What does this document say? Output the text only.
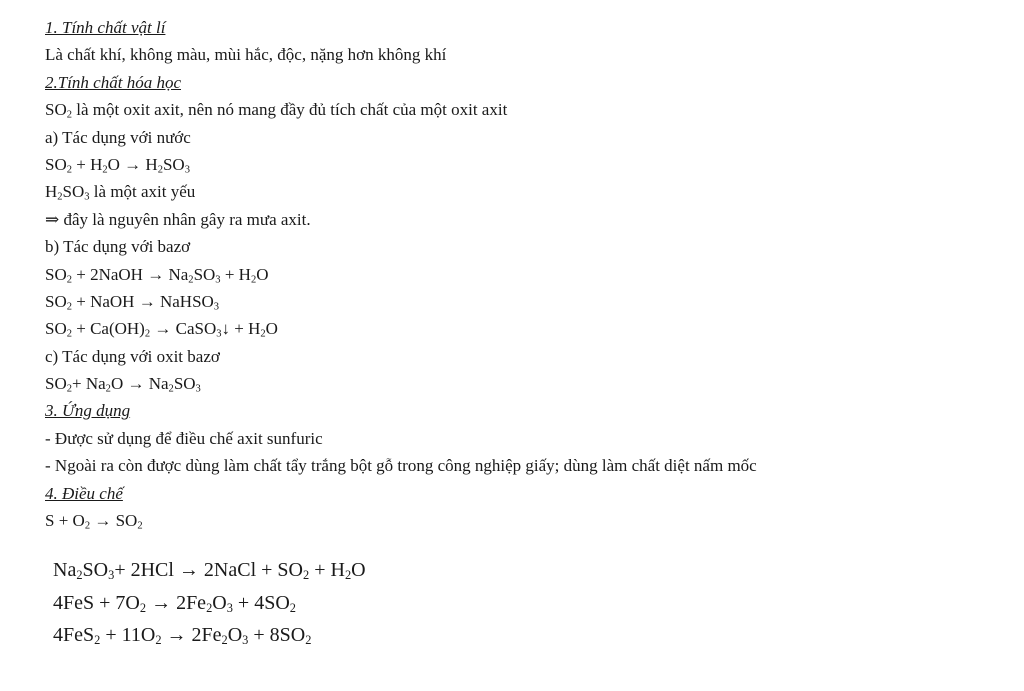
1. Tính chất vật lí
Là chất khí, không màu, mùi hắc, độc, nặng hơn không khí
2.Tính chất hóa học
$SO_2$ là một oxit axit, nên nó mang đầy đủ tích chất của một oxit axit
a) Tác dụng với nước
$SO_2 + H_2O \to H_2SO_3$
$H_2SO_3$ là một axit yếu
⇒ đây là nguyên nhân gây ra mưa axit.
b) Tác dụng với bazơ
$SO_2$ + 2NaOH → $Na_2SO_3 + H_2O$
$SO_2$ + NaOH → NaHSO$_3$
$SO_2 + Ca(OH)_2$ → CaSO$_3$↓ + $H_2O$
c) Tác dụng với oxit bazơ
$SO_2+ Na_2O \to Na_2SO_3$
3. Ứng dụng
- Được sử dụng để điều chế axit sunfuric
- Ngoài ra còn được dùng làm chất tẩy trắng bột gỗ trong công nghiệp giấy; dùng làm chất diệt nấm mốc
4. Điều chế
$S + O_2 \to SO_2$
$Na_2SO_3+ 2HCl$ → 2NaCl + $SO_2 + H_2O$
$4FeS + 7O_2 \to 2Fe_2O_3 + 4SO_2$
$4FeS_2 + 11O_2 \to 2Fe_2O_3 + 8SO_2$
